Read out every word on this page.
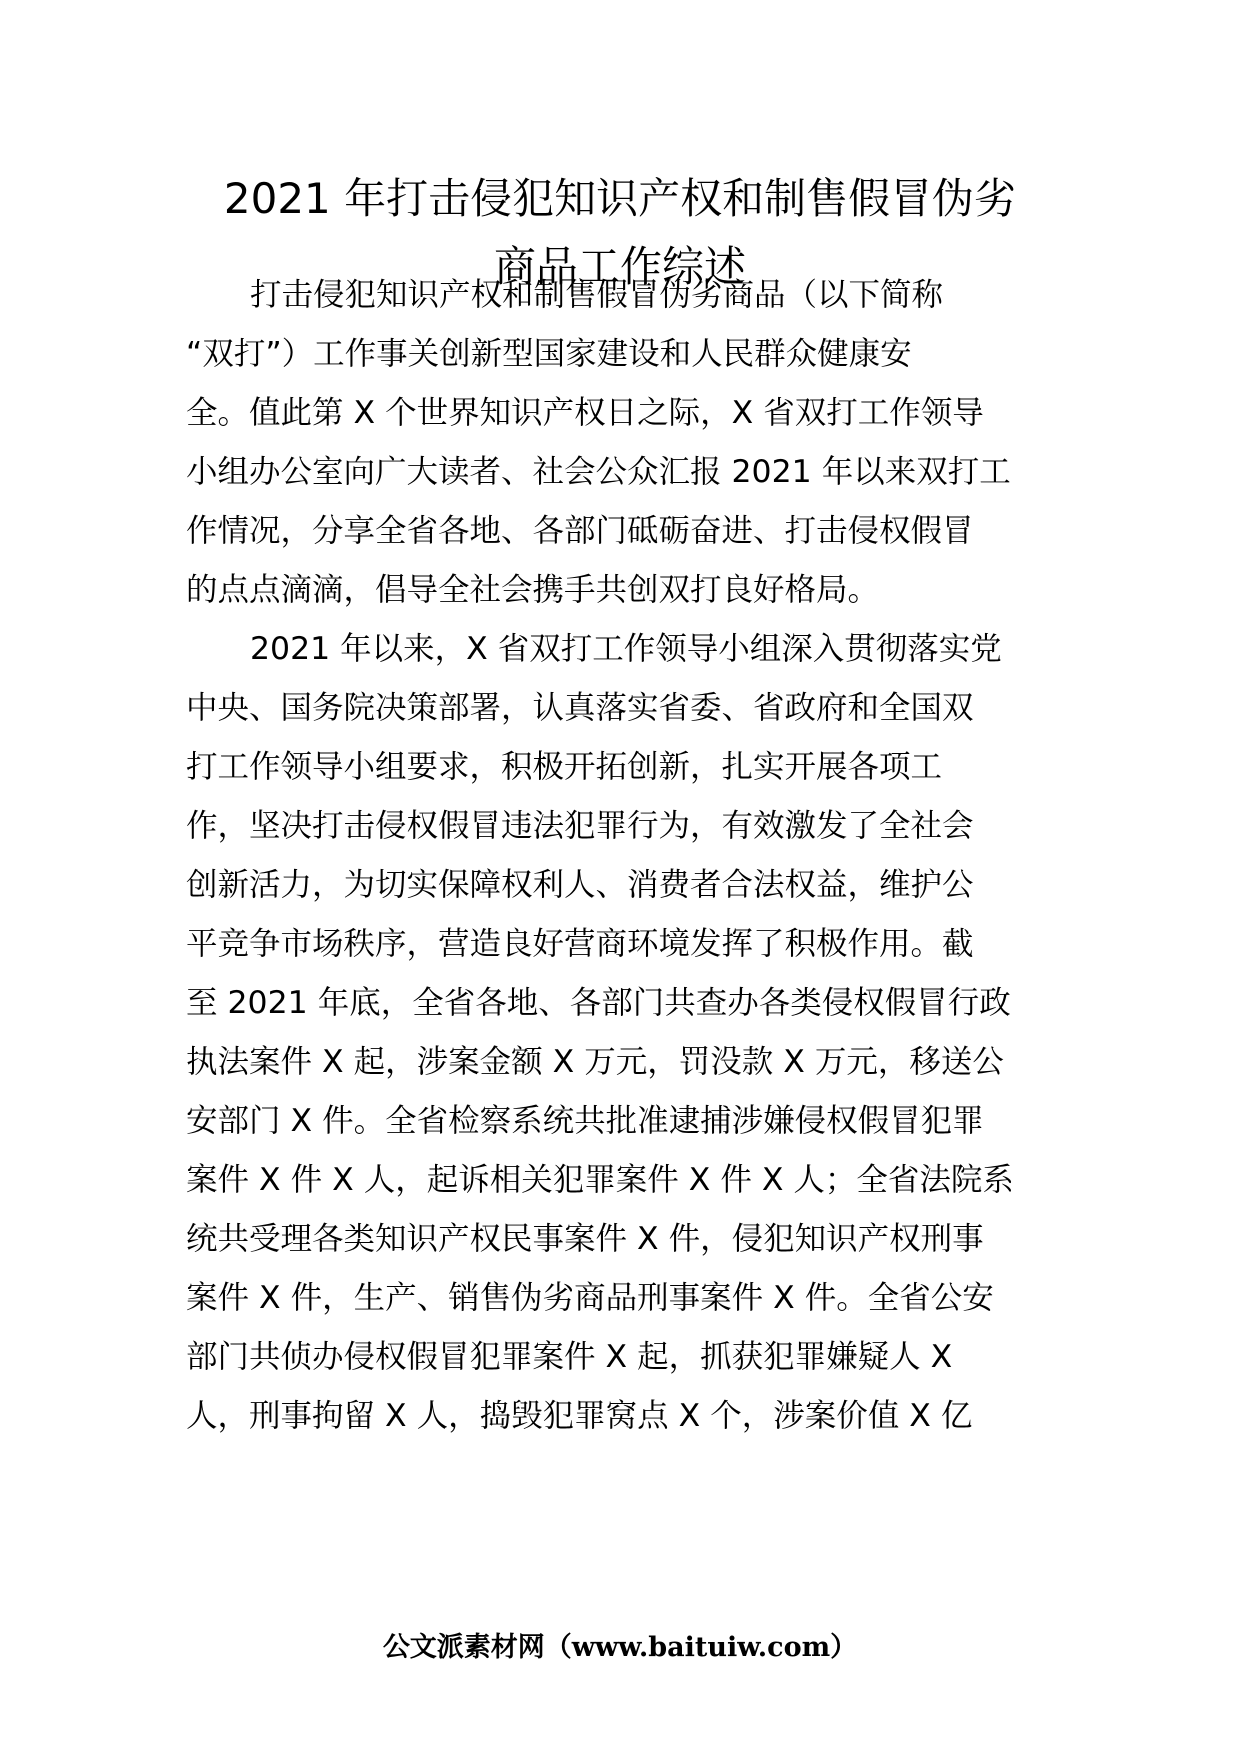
2021 年打击侵犯知识产权和制售假冒伪劣
商品工作综述

打击侵犯知识产权和制售假冒伪劣商品（以下简称

“双打”）工作事关创新型国家建设和人民群众健康安

全。值此第 X 个世界知识产权日之际，X 省双打工作领导

小组办公室向广大读者、社会公众汇报 2021 年以来双打工

作情况，分享全省各地、各部门砥砺奋进、打击侵权假冒

的点点滴滴，倡导全社会携手共创双打良好格局。

2021 年以来，X 省双打工作领导小组深入贯彻落实党

中央、国务院决策部署，认真落实省委、省政府和全国双

打工作领导小组要求，积极开拓创新，扎实开展各项工

作，坚决打击侵权假冒违法犯罪行为，有效激发了全社会

创新活力，为切实保障权利人、消费者合法权益，维护公

平竞争市场秩序，营造良好营商环境发挥了积极作用。截

至 2021 年底，全省各地、各部门共查办各类侵权假冒行政

执法案件 X 起，涉案金额 X 万元，罚没款 X 万元，移送公

安部门 X 件。全省检察系统共批准逮捕涉嫌侵权假冒犯罪

案件 X 件 X 人，起诉相关犯罪案件 X 件 X 人；全省法院系

统共受理各类知识产权民事案件 X 件，侵犯知识产权刑事

案件 X 件，生产、销售伪劣商品刑事案件 X 件。全省公安

部门共侦办侵权假冒犯罪案件 X 起，抓获犯罪嫌疑人 X

人，刑事拘留 X 人，捣毁犯罪窝点 X 个，涉案价值 X 亿

公文派素材网（www.baituiw.com）
